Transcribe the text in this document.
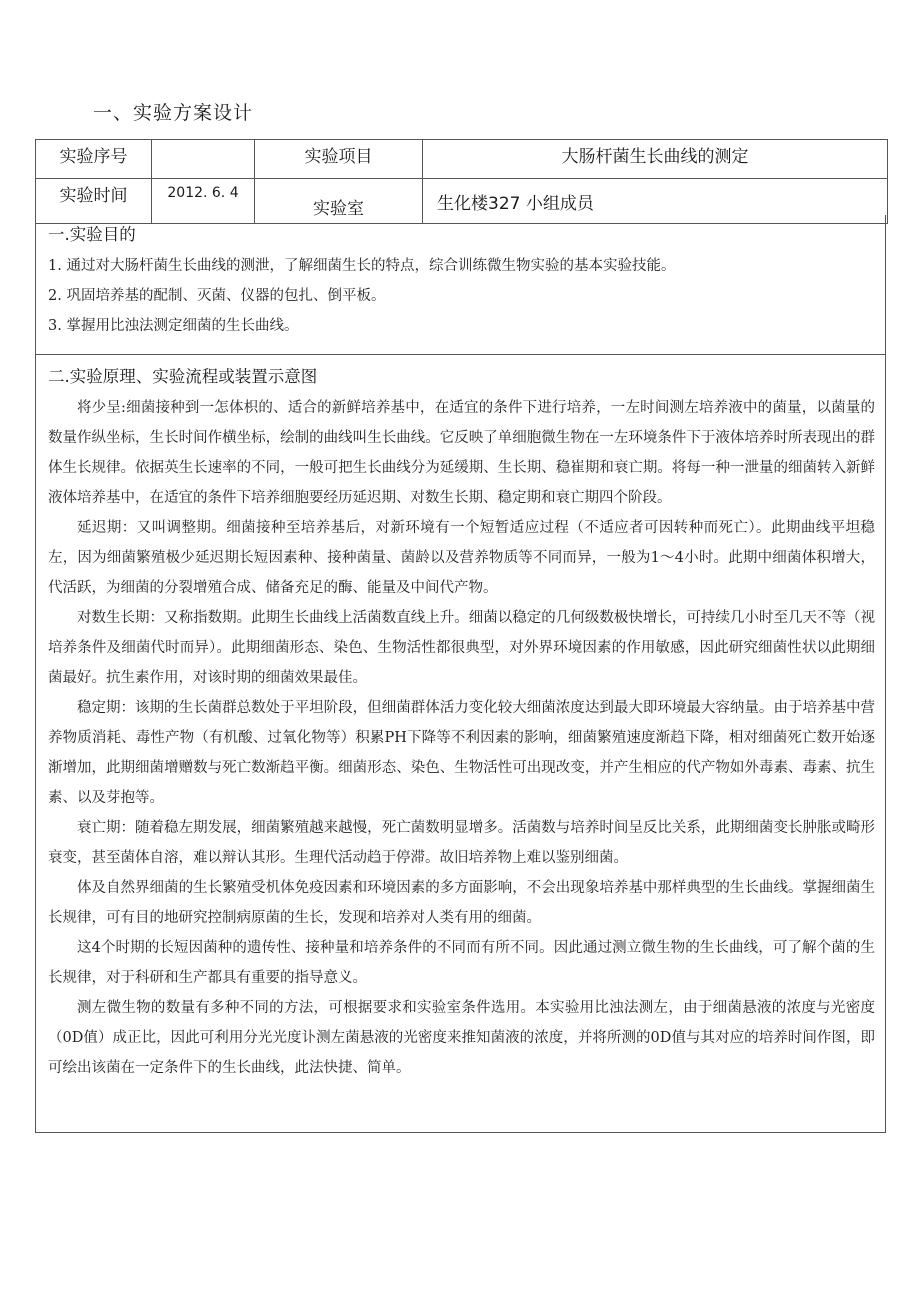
一、实验方案设计
实验序号		实验项目	大肠杆菌生长曲线的测定
实验时间	2012. 6. 4	实验室	生化楼327 小组成员
一.实验目的

1. 通过对大肠杆菌生长曲线的测泄，了解细菌生长的特点，综合训练微生物实验的基本实验技能。

2. 巩固培养基的配制、灭菌、仪器的包扎、倒平板。

3. 掌握用比浊法测定细菌的生长曲线。

二.实验原理、实验流程或装置示意图

将少呈:细菌接种到一怎体枳的、适合的新鲜培养基中，在适宜的条件下进行培养，一左时间测左培养液中的菌量，以菌量的数量作纵坐标，生长时间作横坐标，绘制的曲线叫生长曲线。它反映了单细胞微生物在一左环境条件下于液体培养时所表现出的群体生长规律。依据英生长速率的不同，一般可把生长曲线分为延缓期、生长期、稳崔期和衰亡期。将每一种一泄量的细菌转入新鲜液体培养基中，在适宜的条件下培养细胞要经历延迟期、对数生长期、稳定期和衰亡期四个阶段。

延迟期：又叫调整期。细菌接种至培养基后，对新环境有一个短暂适应过程（不适应者可因转种而死亡）。此期曲线平坦稳左，因为细菌繁殖极少延迟期长短因素种、接种菌量、菌龄以及营养物质等不同而异，一般为1～4小时。此期中细菌体积增大，代活跃，为细菌的分裂增殖合成、储备充足的酶、能量及中间代产物。

对数生长期：又称指数期。此期生长曲线上活菌数直线上升。细菌以稳定的几何级数极快增长，可持续几小时至几天不等（视培养条件及细菌代时而异）。此期细菌形态、染色、生物活性都很典型，对外界环境因素的作用敏感，因此研究细菌性状以此期细菌最好。抗生素作用，对该时期的细菌效果最佳。

稳定期：该期的生长菌群总数处于平坦阶段，但细菌群体活力变化较大细菌浓度达到最大即环境最大容纳量。由于培养基中营养物质消耗、毒性产物（有机酸、过氧化物等）积累PH下降等不利因素的影响，细菌繁殖速度渐趋下降，相对细菌死亡数开始逐渐增加，此期细菌增赠数与死亡数渐趋平衡。细菌形态、染色、生物活性可出现改变，并产生相应的代产物如外毒素、毒素、抗生素、以及芽抱等。

衰亡期：随着稳左期发展，细菌繁殖越来越慢，死亡菌数明显增多。活菌数与培养时间呈反比关系，此期细菌变长肿胀或畸形衰变，甚至菌体自溶，难以辩认其形。生理代活动趋于停滞。故旧培养物上难以鉴别细菌。

体及自然界细菌的生长繁殖受机体免疫因素和环境因素的多方面影响，不会出现象培养基中那样典型的生长曲线。掌握细菌生长规律，可有目的地研究控制病原菌的生长，发现和培养对人类有用的细菌。

这4个时期的长短因菌种的遗传性、接种量和培养条件的不同而有所不同。因此通过测立微生物的生长曲线，可了解个菌的生长规律，对于科研和生产都具有重要的指导意义。

测左微生物的数量有多种不同的方法，可根据要求和实验室条件选用。本实验用比浊法测左，由于细菌悬液的浓度与光密度（0D值）成正比，因此可利用分光光度讣测左菌悬液的光密度来推知菌液的浓度，并将所测的0D值与其对应的培养时间作图，即可绘出该菌在一定条件下的生长曲线，此法快捷、简单。
